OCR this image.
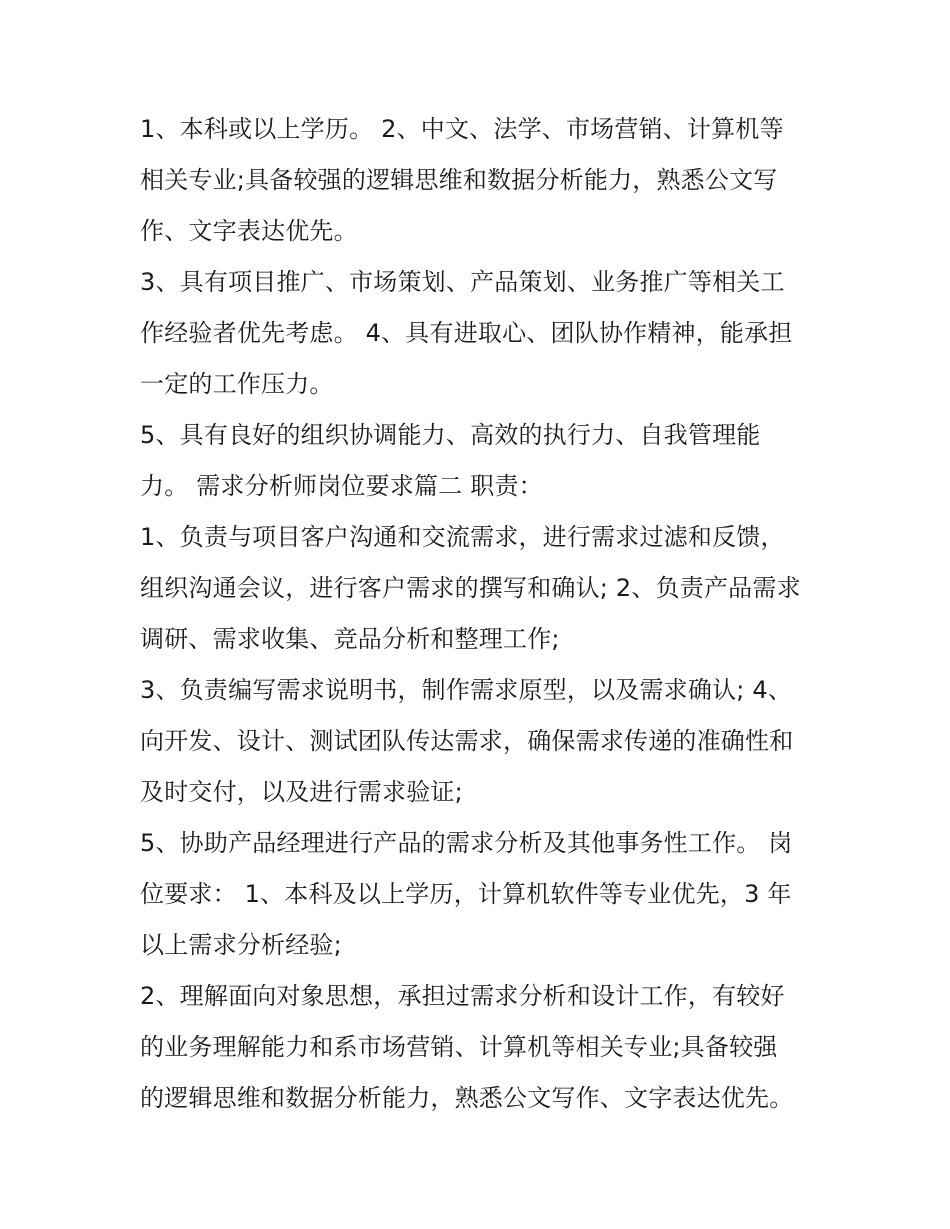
1、本科或以上学历。 2、中文、法学、市场营销、计算机等
相关专业;具备较强的逻辑思维和数据分析能力，熟悉公文写
作、文字表达优先。
3、具有项目推广、市场策划、产品策划、业务推广等相关工
作经验者优先考虑。 4、具有进取心、团队协作精神，能承担
一定的工作压力。
5、具有良好的组织协调能力、高效的执行力、自我管理能
力。 需求分析师岗位要求篇二 职责：
1、负责与项目客户沟通和交流需求，进行需求过滤和反馈，
组织沟通会议，进行客户需求的撰写和确认; 2、负责产品需求
调研、需求收集、竞品分析和整理工作;
3、负责编写需求说明书，制作需求原型，以及需求确认; 4、
向开发、设计、测试团队传达需求，确保需求传递的准确性和
及时交付，以及进行需求验证;
5、协助产品经理进行产品的需求分析及其他事务性工作。 岗
位要求： 1、本科及以上学历，计算机软件等专业优先，3 年
以上需求分析经验;
2、理解面向对象思想，承担过需求分析和设计工作，有较好
的业务理解能力和系市场营销、计算机等相关专业;具备较强
的逻辑思维和数据分析能力，熟悉公文写作、文字表达优先。
